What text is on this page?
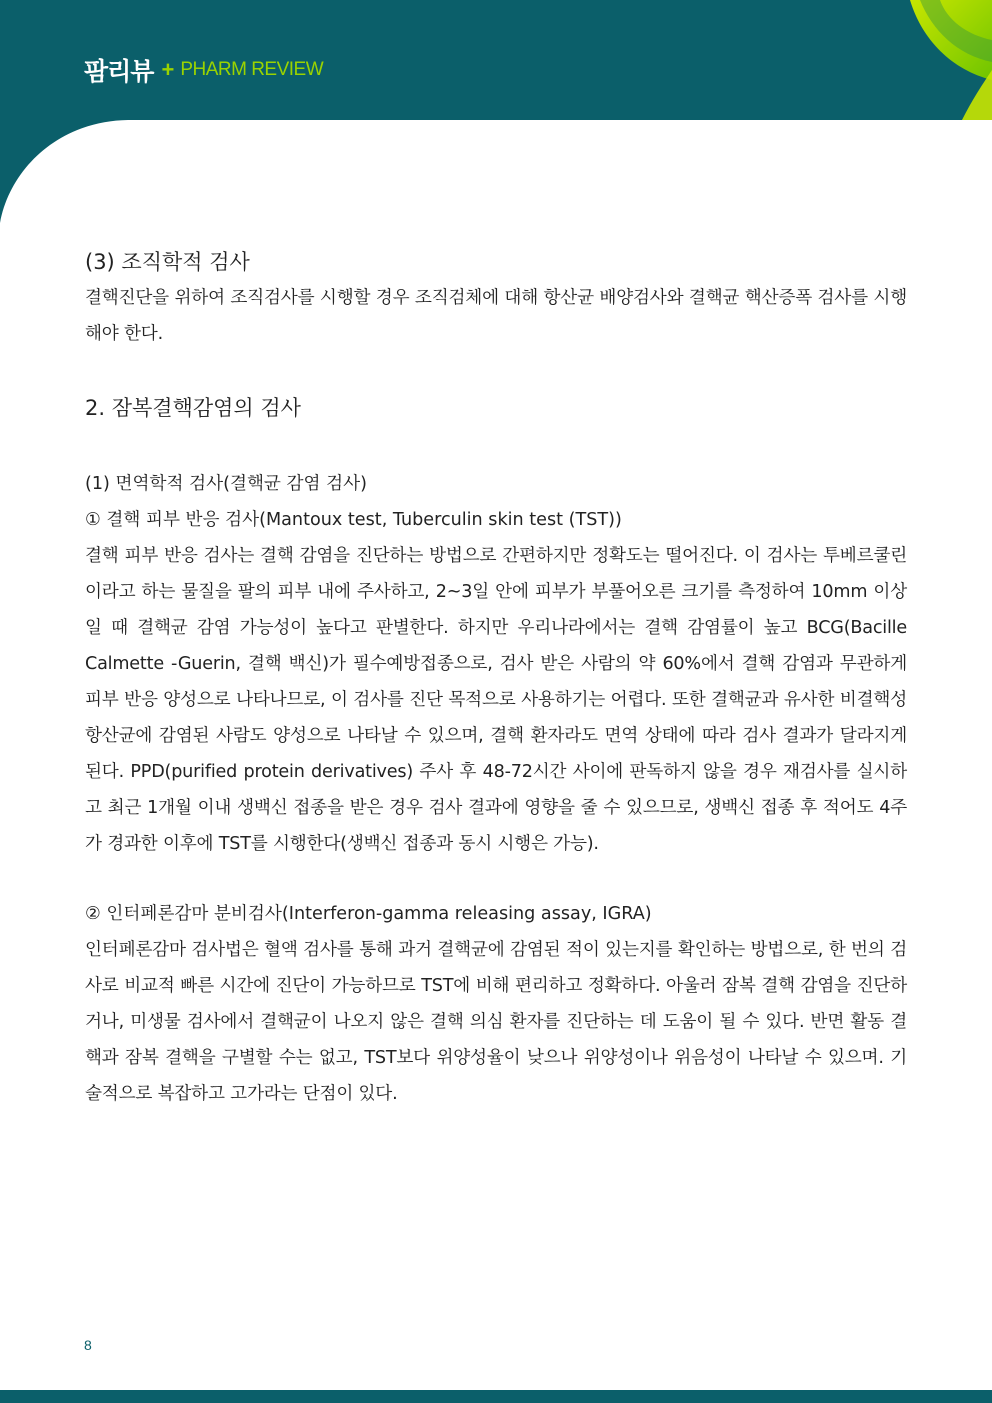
팜리뷰 + PHARM REVIEW
(3) 조직학적 검사

결핵진단을 위하여 조직검사를 시행할 경우 조직검체에 대해 항산균 배양검사와 결핵균 핵산증폭 검사를 시행해야 한다.

2. 잠복결핵감염의 검사

(1) 면역학적 검사(결핵균 감염 검사)

① 결핵 피부 반응 검사(Mantoux test, Tuberculin skin test (TST))

결핵 피부 반응 검사는 결핵 감염을 진단하는 방법으로 간편하지만 정확도는 떨어진다. 이 검사는 투베르쿨린이라고 하는 물질을 팔의 피부 내에 주사하고, 2~3일 안에 피부가 부풀어오른 크기를 측정하여 10mm 이상일 때 결핵균 감염 가능성이 높다고 판별한다. 하지만 우리나라에서는 결핵 감염률이 높고 BCG(Bacille Calmette -Guerin, 결핵 백신)가 필수예방접종으로, 검사 받은 사람의 약 60%에서 결핵 감염과 무관하게 피부 반응 양성으로 나타나므로, 이 검사를 진단 목적으로 사용하기는 어렵다. 또한 결핵균과 유사한 비결핵성 항산균에 감염된 사람도 양성으로 나타날 수 있으며, 결핵 환자라도 면역 상태에 따라 검사 결과가 달라지게 된다. PPD(purified protein derivatives) 주사 후 48-72시간 사이에 판독하지 않을 경우 재검사를 실시하고 최근 1개월 이내 생백신 접종을 받은 경우 검사 결과에 영향을 줄 수 있으므로, 생백신 접종 후 적어도 4주가 경과한 이후에 TST를 시행한다(생백신 접종과 동시 시행은 가능).

② 인터페론감마 분비검사(Interferon-gamma releasing assay, IGRA)

인터페론감마 검사법은 혈액 검사를 통해 과거 결핵균에 감염된 적이 있는지를 확인하는 방법으로, 한 번의 검사로 비교적 빠른 시간에 진단이 가능하므로 TST에 비해 편리하고 정확하다. 아울러 잠복 결핵 감염을 진단하거나, 미생물 검사에서 결핵균이 나오지 않은 결핵 의심 환자를 진단하는 데 도움이 될 수 있다. 반면 활동 결핵과 잠복 결핵을 구별할 수는 없고, TST보다 위양성율이 낮으나 위양성이나 위음성이 나타날 수 있으며. 기술적으로 복잡하고 고가라는 단점이 있다.

8
